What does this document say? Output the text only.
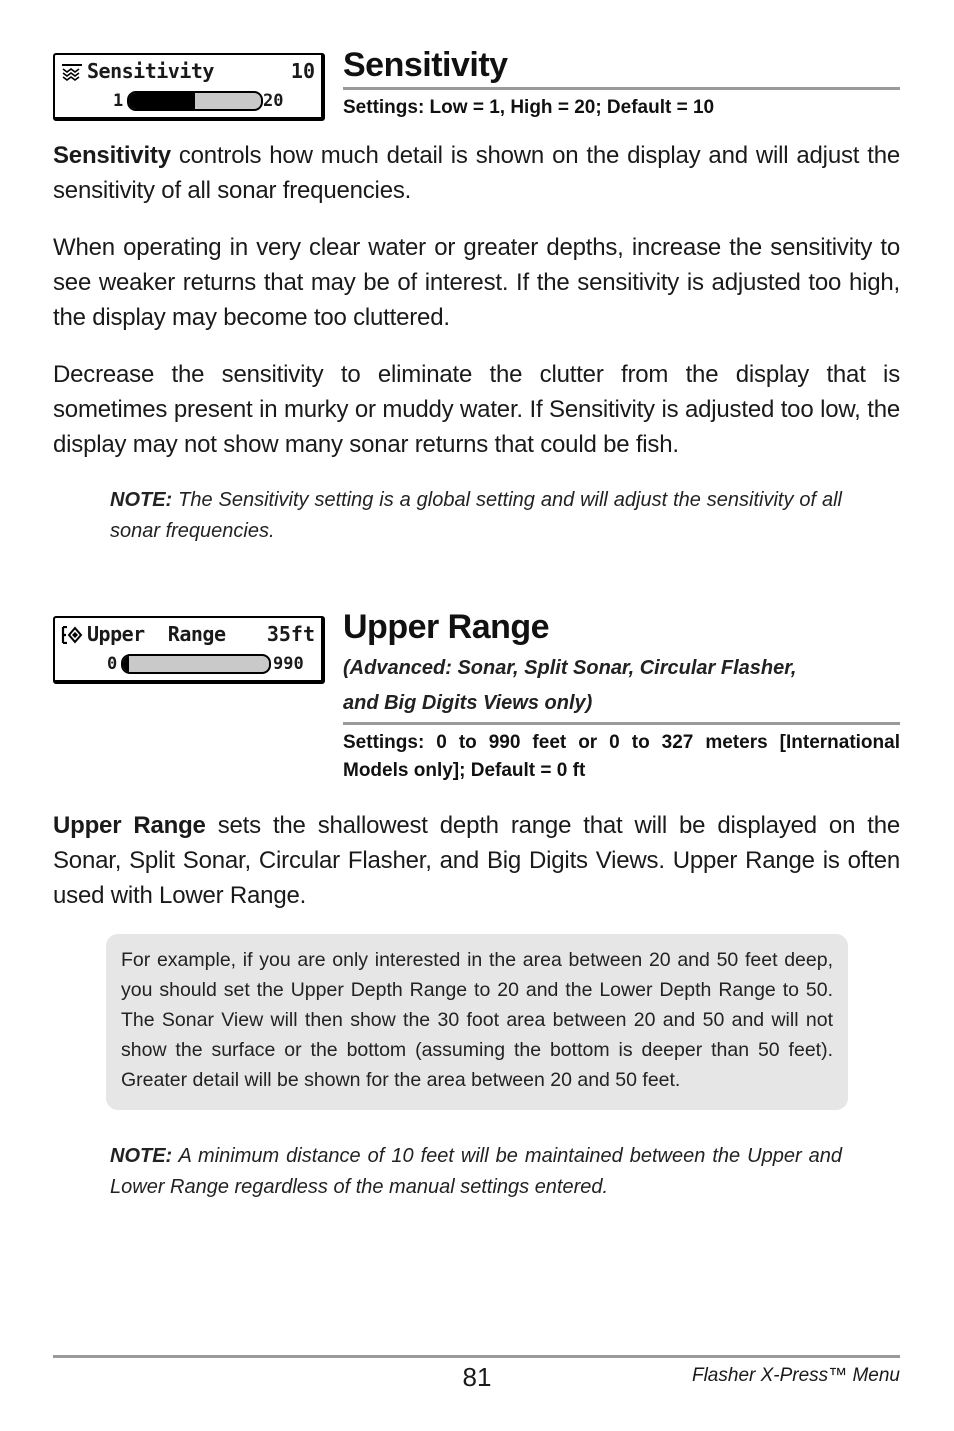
Sensitivity	10
1	20
Sensitivity
Settings: Low = 1, High = 20; Default = 10
Sensitivity controls how much detail is shown on the display and will adjust the sensitivity of all sonar frequencies.
When operating in very clear water or greater depths, increase the sensitivity to see weaker returns that may be of interest. If the sensitivity is adjusted too high, the display may become too cluttered.
Decrease the sensitivity to eliminate the clutter from the display that is sometimes present in murky or muddy water. If Sensitivity is adjusted too low, the display may not show many sonar returns that could be fish.
NOTE: The Sensitivity setting is a global setting and will adjust the sensitivity of all sonar frequencies.
Upper  Range 35ft
0	990
Upper Range
(Advanced: Sonar, Split Sonar, Circular Flasher,
and Big Digits Views only)
Settings: 0 to 990 feet or 0 to 327 meters [International Models only]; Default = 0 ft
Upper Range sets the shallowest depth range that will be displayed on the Sonar, Split Sonar, Circular Flasher, and Big Digits Views. Upper Range is often used with Lower Range.
For example, if you are only interested in the area between 20 and 50 feet deep, you should set the Upper Depth Range to 20 and the Lower Depth Range to 50. The Sonar View will then show the 30 foot area between 20 and 50 and will not show the surface or the bottom (assuming the bottom is deeper than 50 feet). Greater detail will be shown for the area between 20 and 50 feet.
NOTE: A minimum distance of 10 feet will be maintained between the Upper and Lower Range regardless of the manual settings entered.
81	Flasher X-Press™ Menu
